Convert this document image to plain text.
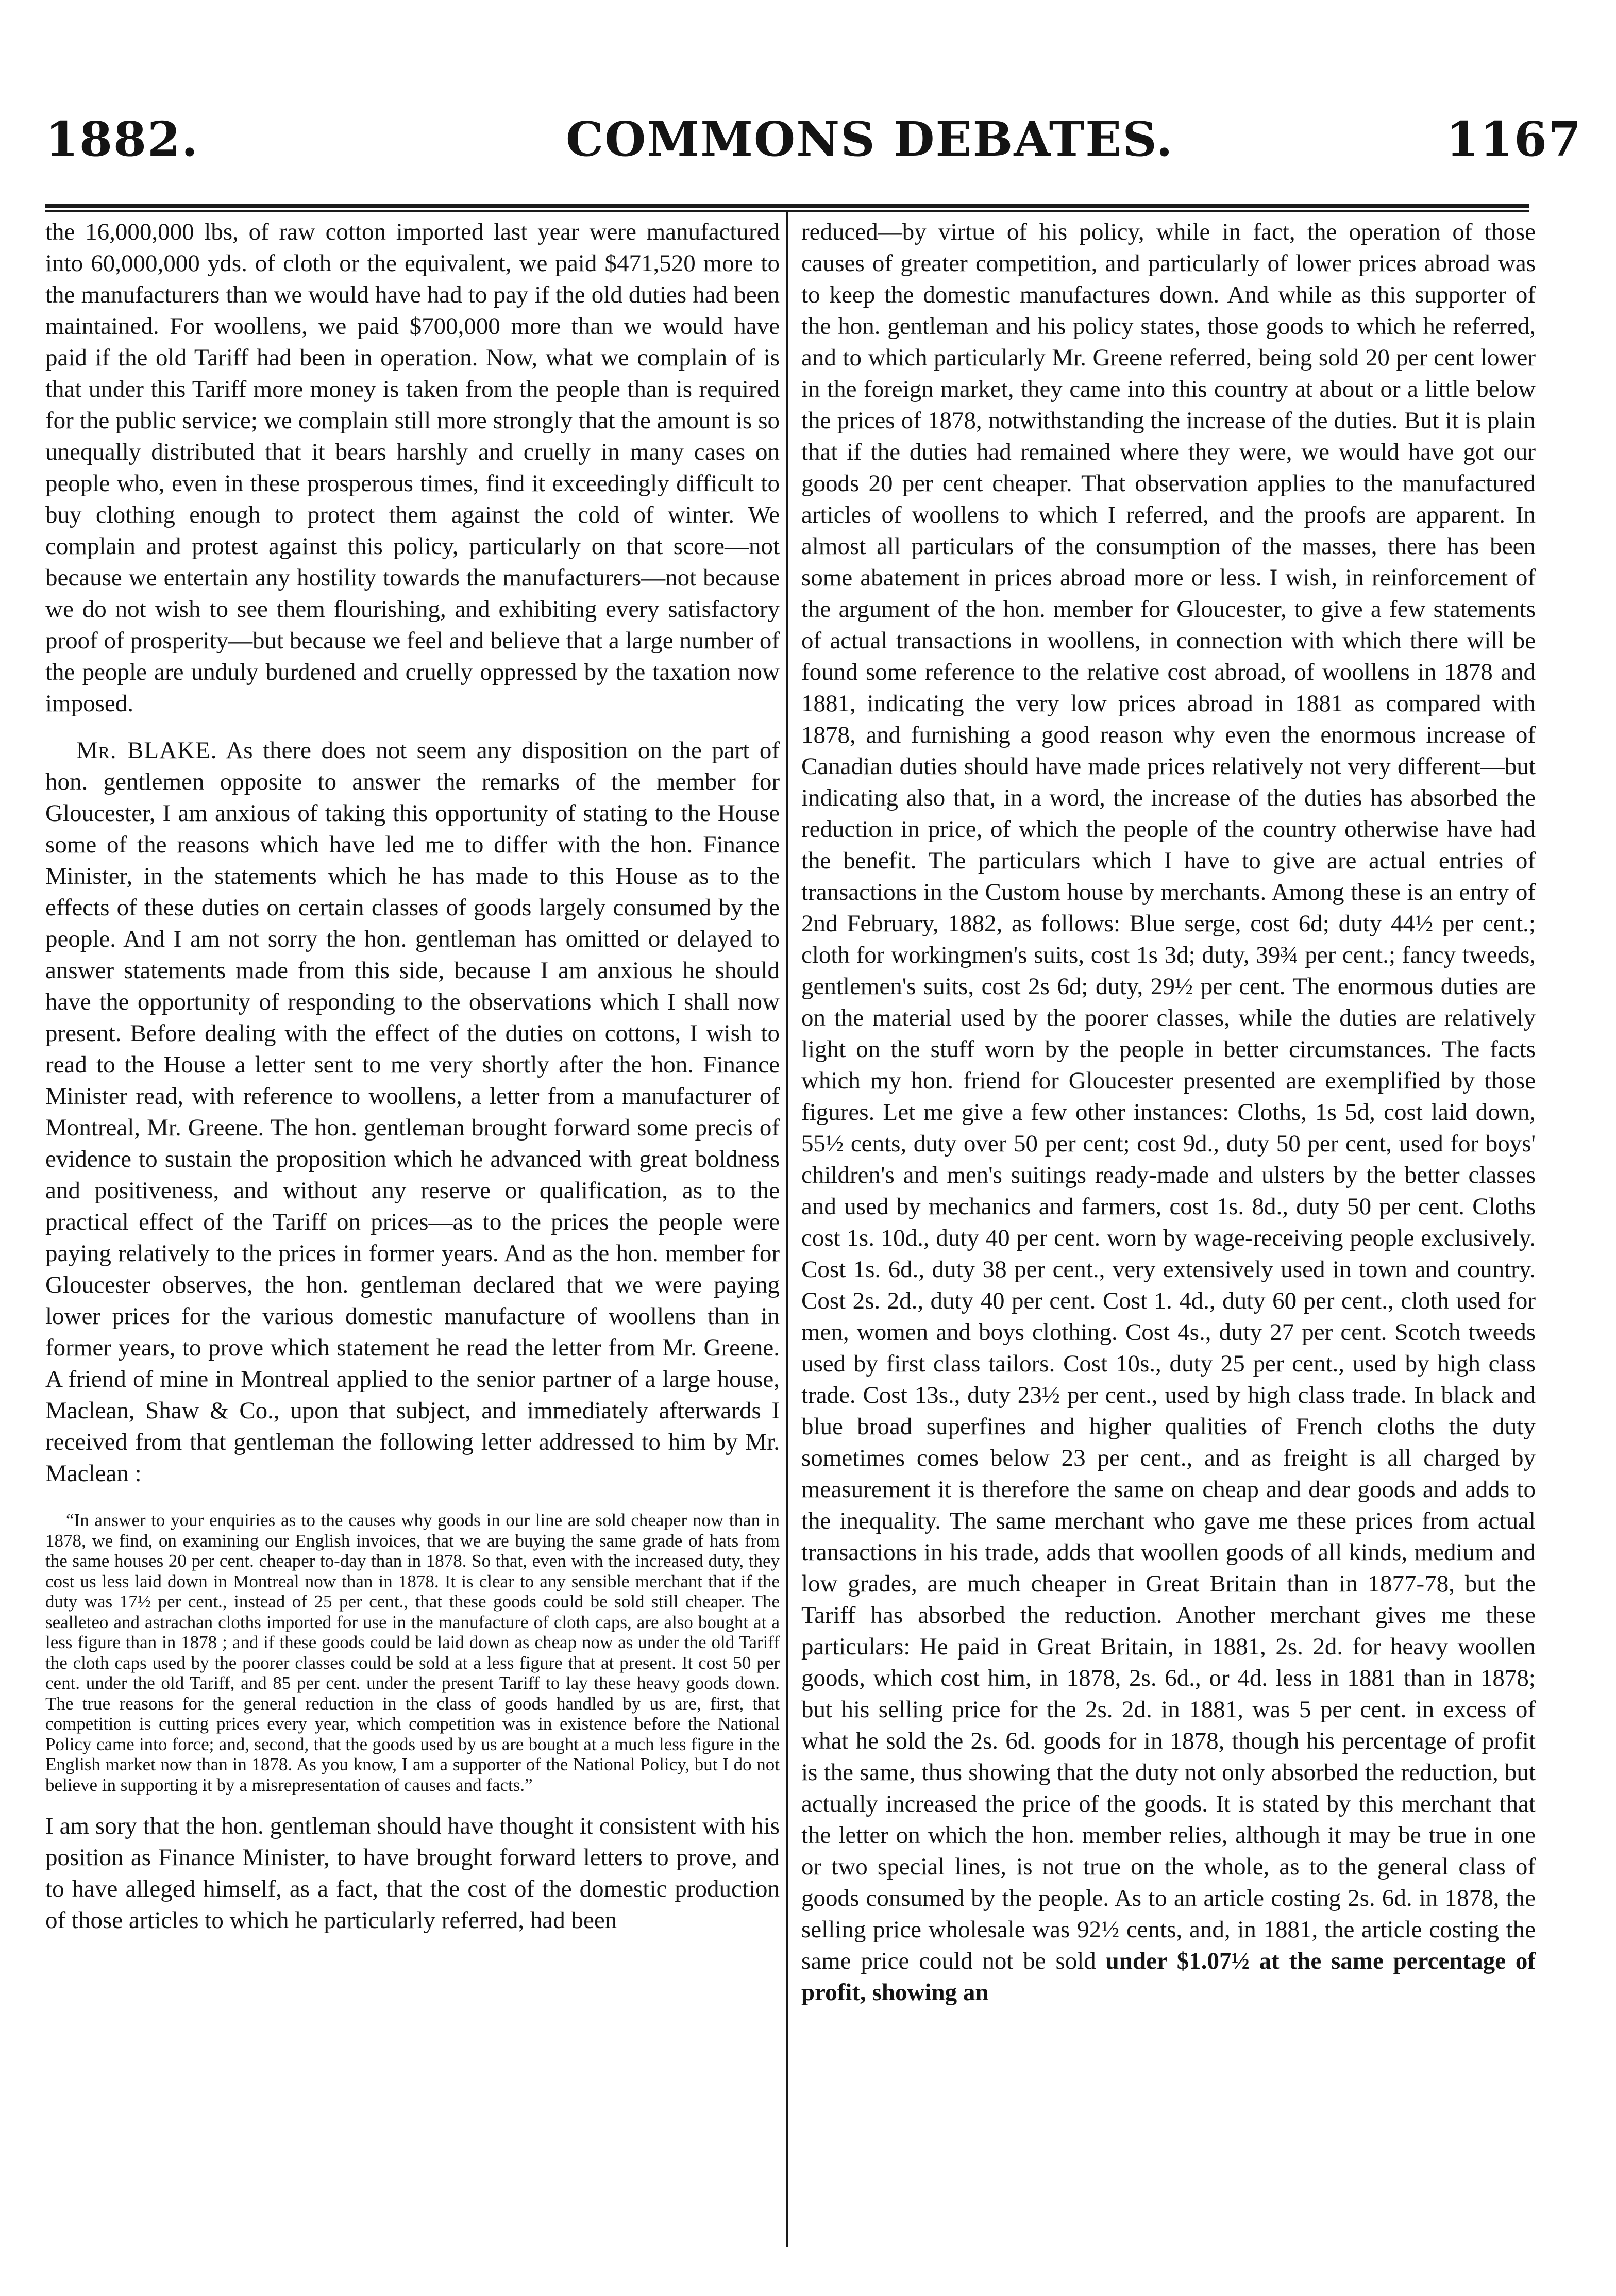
1882.	COMMONS DEBATES.	1167

the 16,000,000 lbs, of raw cotton imported last year were manufactured into 60,000,000 yds. of cloth or the equivalent, we paid $471,520 more to the manufacturers than we would have had to pay if the old duties had been maintained. For woollens, we paid $700,000 more than we would have paid if the old Tariff had been in operation. Now, what we complain of is that under this Tariff more money is taken from the people than is required for the public service; we complain still more strongly that the amount is so unequally distributed that it bears harshly and cruelly in many cases on people who, even in these prosperous times, find it exceedingly difficult to buy clothing enough to protect them against the cold of winter. We complain and protest against this policy, particularly on that score—not because we entertain any hostility towards the manufacturers—not because we do not wish to see them flourishing, and exhibiting every satisfactory proof of prosperity—but because we feel and believe that a large number of the people are unduly burdened and cruelly oppressed by the taxation now imposed.

Mr. BLAKE. As there does not seem any disposition on the part of hon. gentlemen opposite to answer the remarks of the member for Gloucester, I am anxious of taking this opportunity of stating to the House some of the reasons which have led me to differ with the hon. Finance Minister, in the statements which he has made to this House as to the effects of these duties on certain classes of goods largely consumed by the people. And I am not sorry the hon. gentleman has omitted or delayed to answer statements made from this side, because I am anxious he should have the opportunity of responding to the observations which I shall now present. Before dealing with the effect of the duties on cottons, I wish to read to the House a letter sent to me very shortly after the hon. Finance Minister read, with reference to woollens, a letter from a manufacturer of Montreal, Mr. Greene. The hon. gentleman brought forward some precis of evidence to sustain the proposition which he advanced with great boldness and positiveness, and without any reserve or qualification, as to the practical effect of the Tariff on prices—as to the prices the people were paying relatively to the prices in former years. And as the hon. member for Gloucester observes, the hon. gentleman declared that we were paying lower prices for the various domestic manufacture of woollens than in former years, to prove which statement he read the letter from Mr. Greene. A friend of mine in Montreal applied to the senior partner of a large house, Maclean, Shaw & Co., upon that subject, and immediately afterwards I received from that gentleman the following letter addressed to him by Mr. Maclean :

“In answer to your enquiries as to the causes why goods in our line are sold cheaper now than in 1878, we find, on examining our English invoices, that we are buying the same grade of hats from the same houses 20 per cent. cheaper to-day than in 1878. So that, even with the increased duty, they cost us less laid down in Montreal now than in 1878. It is clear to any sensible merchant that if the duty was 17½ per cent., instead of 25 per cent., that these goods could be sold still cheaper. The sealleteo and astrachan cloths imported for use in the manufacture of cloth caps, are also bought at a less figure than in 1878 ; and if these goods could be laid down as cheap now as under the old Tariff the cloth caps used by the poorer classes could be sold at a less figure that at present. It cost 50 per cent. under the old Tariff, and 85 per cent. under the present Tariff to lay these heavy goods down. The true reasons for the general reduction in the class of goods handled by us are, first, that competition is cutting prices every year, which competition was in existence before the National Policy came into force; and, second, that the goods used by us are bought at a much less figure in the English market now than in 1878. As you know, I am a supporter of the National Policy, but I do not believe in supporting it by a misrepresentation of causes and facts.”

I am sory that the hon. gentleman should have thought it consistent with his position as Finance Minister, to have brought forward letters to prove, and to have alleged himself, as a fact, that the cost of the domestic production of those articles to which he particularly referred, had been

reduced—by virtue of his policy, while in fact, the operation of those causes of greater competition, and particularly of lower prices abroad was to keep the domestic manufactures down. And while as this supporter of the hon. gentleman and his policy states, those goods to which he referred, and to which particularly Mr. Greene referred, being sold 20 per cent lower in the foreign market, they came into this country at about or a little below the prices of 1878, notwithstanding the increase of the duties. But it is plain that if the duties had remained where they were, we would have got our goods 20 per cent cheaper. That observation applies to the manufactured articles of woollens to which I referred, and the proofs are apparent. In almost all particulars of the consumption of the masses, there has been some abatement in prices abroad more or less. I wish, in reinforcement of the argument of the hon. member for Gloucester, to give a few statements of actual transactions in woollens, in connection with which there will be found some reference to the relative cost abroad, of woollens in 1878 and 1881, indicating the very low prices abroad in 1881 as compared with 1878, and furnishing a good reason why even the enormous increase of Canadian duties should have made prices relatively not very different—but indicating also that, in a word, the increase of the duties has absorbed the reduction in price, of which the people of the country otherwise have had the benefit. The particulars which I have to give are actual entries of transactions in the Custom house by merchants. Among these is an entry of 2nd February, 1882, as follows: Blue serge, cost 6d; duty 44½ per cent.; cloth for workingmen's suits, cost 1s 3d; duty, 39¾ per cent.; fancy tweeds, gentlemen's suits, cost 2s 6d; duty, 29½ per cent. The enormous duties are on the material used by the poorer classes, while the duties are relatively light on the stuff worn by the people in better circumstances. The facts which my hon. friend for Gloucester presented are exemplified by those figures. Let me give a few other instances: Cloths, 1s 5d, cost laid down, 55½ cents, duty over 50 per cent; cost 9d., duty 50 per cent, used for boys' children's and men's suitings ready-made and ulsters by the better classes and used by mechanics and farmers, cost 1s. 8d., duty 50 per cent. Cloths cost 1s. 10d., duty 40 per cent. worn by wage-receiving people exclusively. Cost 1s. 6d., duty 38 per cent., very extensively used in town and country. Cost 2s. 2d., duty 40 per cent. Cost 1. 4d., duty 60 per cent., cloth used for men, women and boys clothing. Cost 4s., duty 27 per cent. Scotch tweeds used by first class tailors. Cost 10s., duty 25 per cent., used by high class trade. Cost 13s., duty 23½ per cent., used by high class trade. In black and blue broad superfines and higher qualities of French cloths the duty sometimes comes below 23 per cent., and as freight is all charged by measurement it is therefore the same on cheap and dear goods and adds to the inequality. The same merchant who gave me these prices from actual transactions in his trade, adds that woollen goods of all kinds, medium and low grades, are much cheaper in Great Britain than in 1877-78, but the Tariff has absorbed the reduction. Another merchant gives me these particulars: He paid in Great Britain, in 1881, 2s. 2d. for heavy woollen goods, which cost him, in 1878, 2s. 6d., or 4d. less in 1881 than in 1878; but his selling price for the 2s. 2d. in 1881, was 5 per cent. in excess of what he sold the 2s. 6d. goods for in 1878, though his percentage of profit is the same, thus showing that the duty not only absorbed the reduction, but actually increased the price of the goods. It is stated by this merchant that the letter on which the hon. member relies, although it may be true in one or two special lines, is not true on the whole, as to the general class of goods consumed by the people. As to an article costing 2s. 6d. in 1878, the selling price wholesale was 92½ cents, and, in 1881, the article costing the same price could not be sold under $1.07½ at the same percentage of profit, showing an
